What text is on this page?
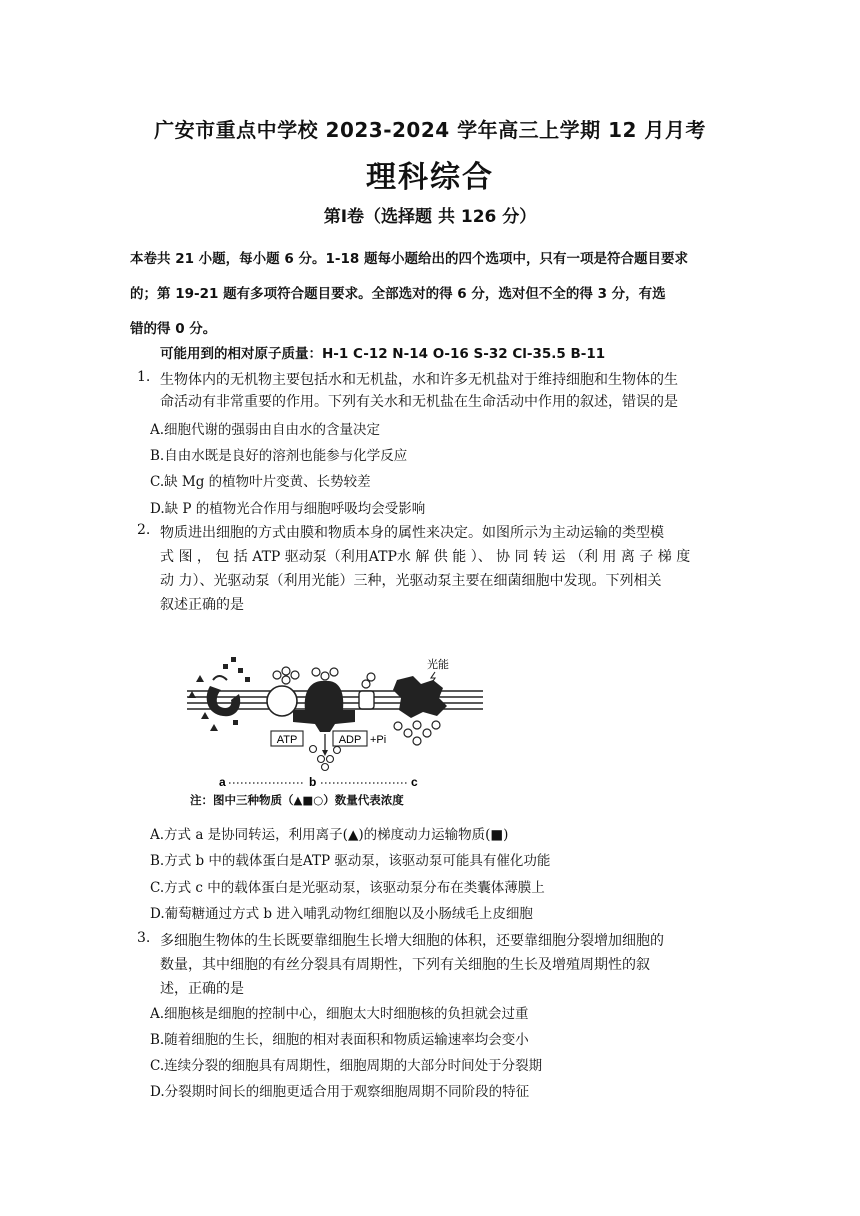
广安市重点中学校 2023-2024 学年高三上学期 12 月月考
理科综合
第Ⅰ卷（选择题 共 126 分）
本卷共 21 小题，每小题 6 分。1-18 题每小题给出的四个选项中，只有一项是符合题目要求
的；第 19-21 题有多项符合题目要求。全部选对的得 6 分，选对但不全的得 3 分，有选
错的得 0 分。
可能用到的相对原子质量：H-1 C-12 N-14 O-16 S-32 Cl-35.5 B-11
1. 生物体内的无机物主要包括水和无机盐，水和许多无机盐对于维持细胞和生物体的生
命活动有非常重要的作用。下列有关水和无机盐在生命活动中作用的叙述，错误的是
A.细胞代谢的强弱由自由水的含量决定
B.自由水既是良好的溶剂也能参与化学反应
C.缺 Mg 的植物叶片变黄、长势较差
D.缺 P 的植物光合作用与细胞呼吸均会受影响
2. 物质进出细胞的方式由膜和物质本身的属性来决定。如图所示为主动运输的类型模
式 图 ， 包 括 ATP 驱动泵（利用ATP水 解 供 能 ）、 协 同 转 运 （利 用 离 子 梯 度
动 力）、光驱动泵（利用光能）三种，光驱动泵主要在细菌细胞中发现。下列相关
叙述正确的是
ATP	ADP +Pi
光能
a	b	c
注：图中三种物质（▲■○）数量代表浓度
A.方式 a 是协同转运，利用离子(▲)的梯度动力运输物质(■)
B.方式 b 中的载体蛋白是ATP 驱动泵，该驱动泵可能具有催化功能
C.方式 c 中的载体蛋白是光驱动泵，该驱动泵分布在类囊体薄膜上
D.葡萄糖通过方式 b 进入哺乳动物红细胞以及小肠绒毛上皮细胞
3. 多细胞生物体的生长既要靠细胞生长增大细胞的体积，还要靠细胞分裂增加细胞的
数量，其中细胞的有丝分裂具有周期性，下列有关细胞的生长及增殖周期性的叙
述，正确的是
A.细胞核是细胞的控制中心，细胞太大时细胞核的负担就会过重
B.随着细胞的生长，细胞的相对表面积和物质运输速率均会变小
C.连续分裂的细胞具有周期性，细胞周期的大部分时间处于分裂期
D.分裂期时间长的细胞更适合用于观察细胞周期不同阶段的特征
